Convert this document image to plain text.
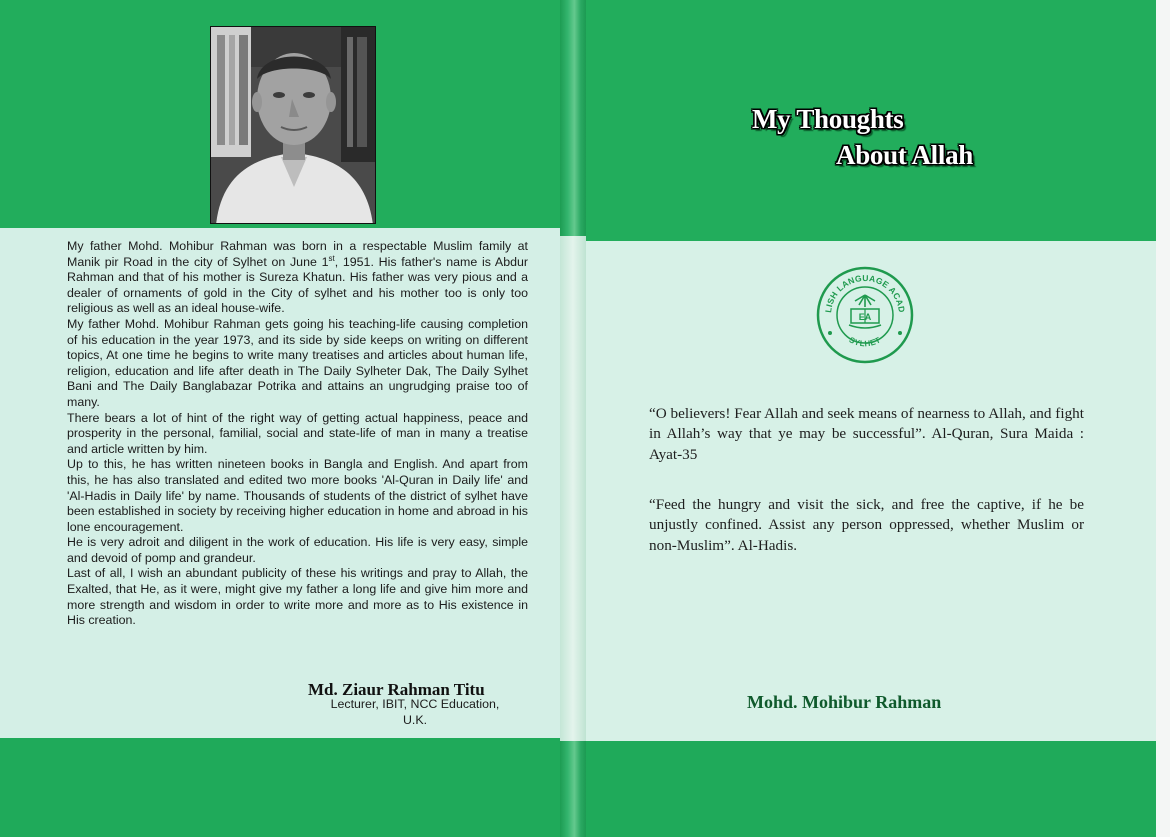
My father Mohd. Mohibur Rahman was born in a respectable Muslim family at Manik pir Road in the city of Sylhet on June 1st, 1951. His father's name is Abdur Rahman and that of his mother is Sureza Khatun. His father was very pious and a dealer of ornaments of gold in the City of sylhet and his mother too is only too religious as well as an ideal house-wife.

My father Mohd. Mohibur Rahman gets going his teaching-life causing completion of his education in the year 1973, and its side by side keeps on writing on different topics, At one time he begins to write many treatises and articles about human life, religion, education and life after death in The Daily Sylheter Dak, The Daily Sylhet Bani and The Daily Banglabazar Potrika and attains an ungrudging praise too of many.

There bears a lot of hint of the right way of getting actual happiness, peace and prosperity in the personal, familial, social and state-life of man in many a treatise and article written by him.

Up to this, he has written nineteen books in Bangla and English. And apart from this, he has also translated and edited two more books 'Al-Quran in Daily life' and 'Al-Hadis in Daily life' by name. Thousands of students of the district of sylhet have been established in society by receiving higher education in home and abroad in his lone encouragement.

He is very adroit and diligent in the work of education. His life is very easy, simple and devoid of pomp and grandeur.

Last of all, I wish an abundant publicity of these his writings and pray to Allah, the Exalted, that He, as it were, might give my father a long life and give him more and more strength and wisdom in order to write more and more as to His existence in His creation.

Md. Ziaur Rahman Titu
Lecturer, IBIT, NCC Education,
U.K.
My Thoughts
About Allah
LISH LANGUAGE ACAD
SYLHET
EA
“O believers! Fear Allah and seek means of nearness to Allah, and fight in Allah’s way that ye may be successful”. Al-Quran, Sura Maida : Ayat-35
“Feed the hungry and visit the sick, and free the captive, if he be unjustly confined. Assist any person oppressed, whether Muslim or non-Muslim”. Al-Hadis.
Mohd. Mohibur Rahman
